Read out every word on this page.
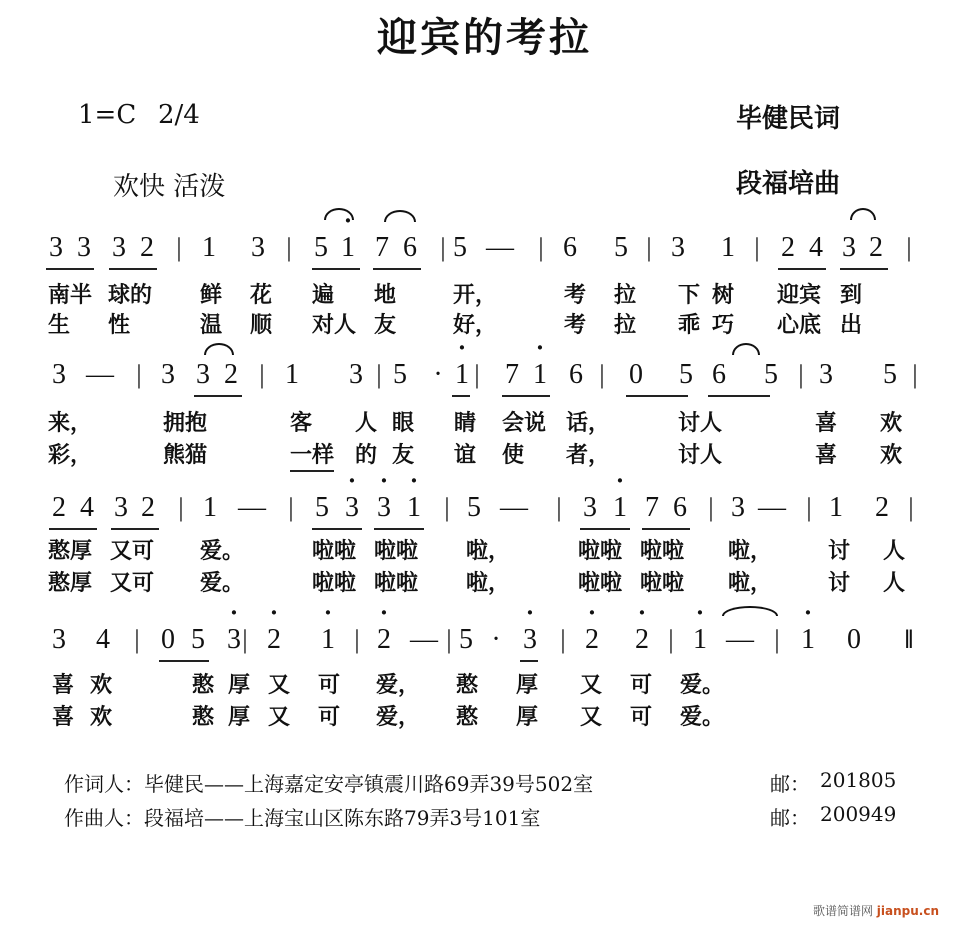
迎宾的考拉
1=C 2/4
欢快 活泼
毕健民词
段福培曲
3 3 3 2 | 1 3 | 5 · 1 7 6 | 5 — | 6 5 | 3 1 | 2 4 3 2 |
南半 球的 鲜 花 遍 地	开，	考 拉 下 树 迎宾 到
生 性	温 顺 对人 友	好，	考 拉 乖 巧 心底 出
3 — | 3 3 2 | 1 3 | 5 · · 1 | 7 · 1 6 | 0 5 6 5 | 3 5 |
来，	拥抱	客 人 眼 睛 会说 话，	讨人	喜 欢
彩，	熊猫	一样 的 友 谊 使 者，	讨人	喜 欢
2 4 3 2 | 1 — | 5 · 3 · 3 · 1 | 5 — | 3 · 1 7 6 | 3 — | 1 2 |
憨厚 又可 爱。	啦啦 啦啦 啦，	啦啦 啦啦 啦，	讨 人
憨厚 又可 爱。	啦啦 啦啦 啦，	啦啦 啦啦 啦，	讨 人
3 4 | 0 5 · 3 | · 2 · 1 | · 2 — | 5 · · 3 | · 2 · 2 | · 1 — | · 1 0	‖
喜 欢	憨 厚 又 可 爱， 憨 厚 又 可 爱。
喜 欢	憨 厚 又 可 爱， 憨 厚 又 可 爱。
作词人：毕健民——上海嘉定安亭镇震川路69弄39号502室	邮： 201805
作曲人：段福培——上海宝山区陈东路79弄3号101室	邮： 200949
歌谱简谱网 jianpu.cn
